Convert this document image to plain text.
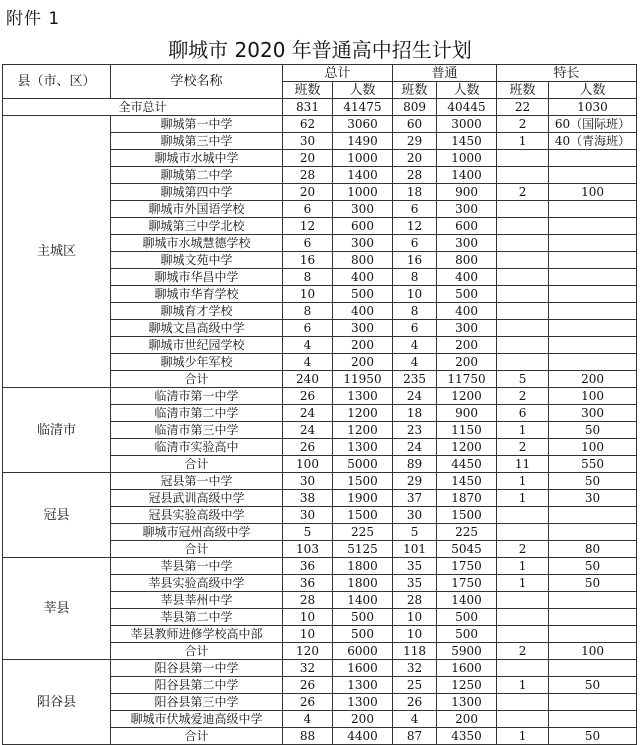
附件 1
聊城市 2020 年普通高中招生计划
县（市、区）	学校名称	总计		普通		特长	
		班数	人数	班数	人数	班数	人数
全市总计		831	41475	809	40445	22	1030
主城区	聊城第一中学	62	3060	60	3000	2	60（国际班）
	聊城第三中学	30	1490	29	1450	1	40（青海班）
	聊城市水城中学	20	1000	20	1000		
	聊城第二中学	28	1400	28	1400		
	聊城第四中学	20	1000	18	900	2	100
	聊城市外国语学校	6	300	6	300		
	聊城第三中学北校	12	600	12	600		
	聊城市水城慧德学校	6	300	6	300		
	聊城文苑中学	16	800	16	800		
	聊城市华昌中学	8	400	8	400		
	聊城市华育学校	10	500	10	500		
	聊城育才学校	8	400	8	400		
	聊城文昌高级中学	6	300	6	300		
	聊城市世纪园学校	4	200	4	200		
	聊城少年军校	4	200	4	200		
	合计	240	11950	235	11750	5	200
临清市	临清市第一中学	26	1300	24	1200	2	100
	临清市第二中学	24	1200	18	900	6	300
	临清市第三中学	24	1200	23	1150	1	50
	临清市实验高中	26	1300	24	1200	2	100
	合计	100	5000	89	4450	11	550
冠县	冠县第一中学	30	1500	29	1450	1	50
	冠县武训高级中学	38	1900	37	1870	1	30
	冠县实验高级中学	30	1500	30	1500		
	聊城市冠州高级中学	5	225	5	225		
	合计	103	5125	101	5045	2	80
莘县	莘县第一中学	36	1800	35	1750	1	50
	莘县实验高级中学	36	1800	35	1750	1	50
	莘县莘州中学	28	1400	28	1400		
	莘县第二中学	10	500	10	500		
	莘县教师进修学校高中部	10	500	10	500		
	合计	120	6000	118	5900	2	100
阳谷县	阳谷县第一中学	32	1600	32	1600		
	阳谷县第二中学	26	1300	25	1250	1	50
	阳谷县第三中学	26	1300	26	1300		
	聊城市伏城爱迪高级中学	4	200	4	200		
	合计	88	4400	87	4350	1	50
